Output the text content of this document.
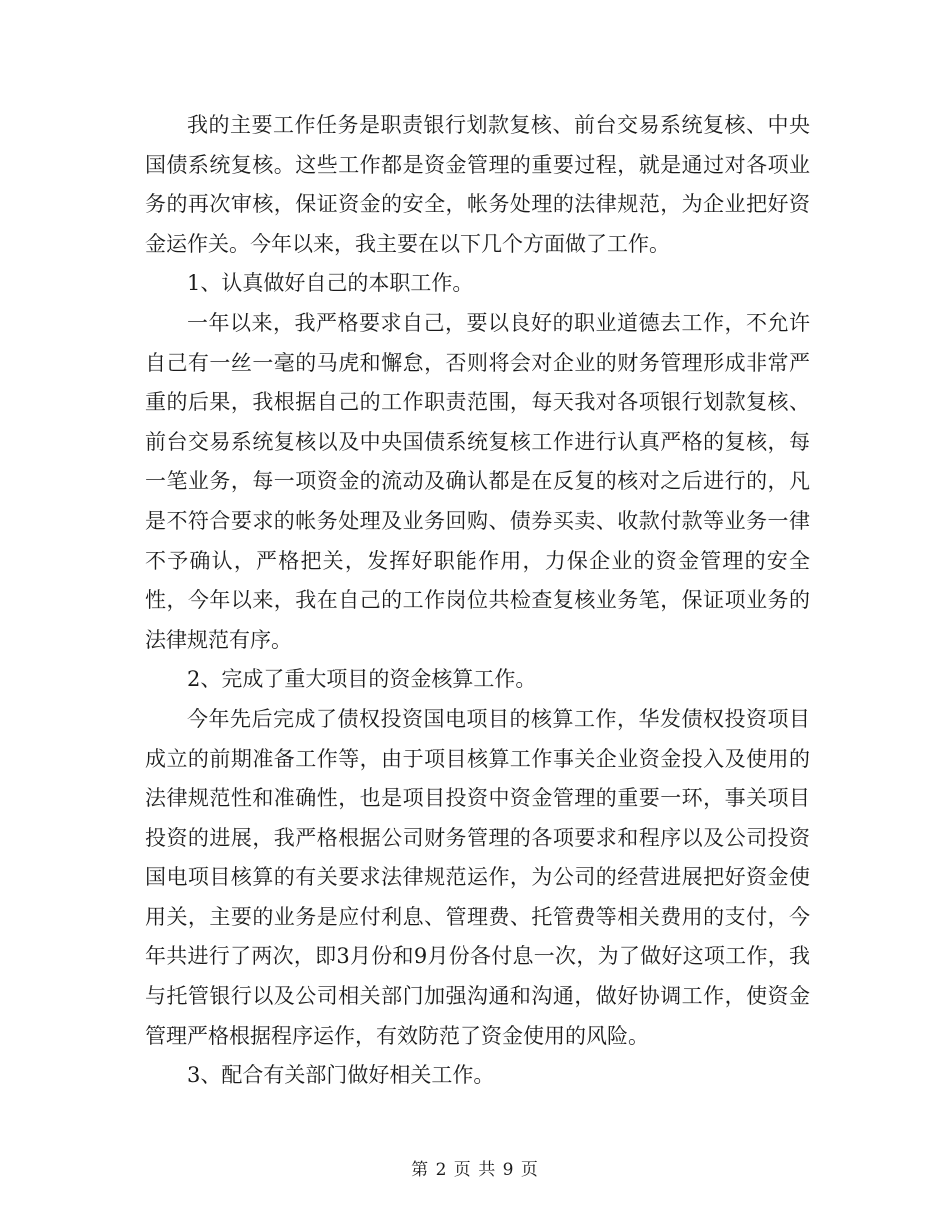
我的主要工作任务是职责银行划款复核、前台交易系统复核、中央国债系统复核。这些工作都是资金管理的重要过程，就是通过对各项业务的再次审核，保证资金的安全，帐务处理的法律规范，为企业把好资金运作关。今年以来，我主要在以下几个方面做了工作。

1、认真做好自己的本职工作。

一年以来，我严格要求自己，要以良好的职业道德去工作，不允许自己有一丝一毫的马虎和懈怠，否则将会对企业的财务管理形成非常严重的后果，我根据自己的工作职责范围，每天我对各项银行划款复核、前台交易系统复核以及中央国债系统复核工作进行认真严格的复核，每一笔业务，每一项资金的流动及确认都是在反复的核对之后进行的，凡是不符合要求的帐务处理及业务回购、债券买卖、收款付款等业务一律不予确认，严格把关，发挥好职能作用，力保企业的资金管理的安全性，今年以来，我在自己的工作岗位共检查复核业务笔，保证项业务的法律规范有序。

2、完成了重大项目的资金核算工作。

今年先后完成了债权投资国电项目的核算工作，华发债权投资项目成立的前期准备工作等，由于项目核算工作事关企业资金投入及使用的法律规范性和准确性，也是项目投资中资金管理的重要一环，事关项目投资的进展，我严格根据公司财务管理的各项要求和程序以及公司投资国电项目核算的有关要求法律规范运作，为公司的经营进展把好资金使用关，主要的业务是应付利息、管理费、托管费等相关费用的支付，今年共进行了两次，即3月份和9月份各付息一次，为了做好这项工作，我与托管银行以及公司相关部门加强沟通和沟通，做好协调工作，使资金管理严格根据程序运作，有效防范了资金使用的风险。

3、配合有关部门做好相关工作。

第 2 页 共 9 页
